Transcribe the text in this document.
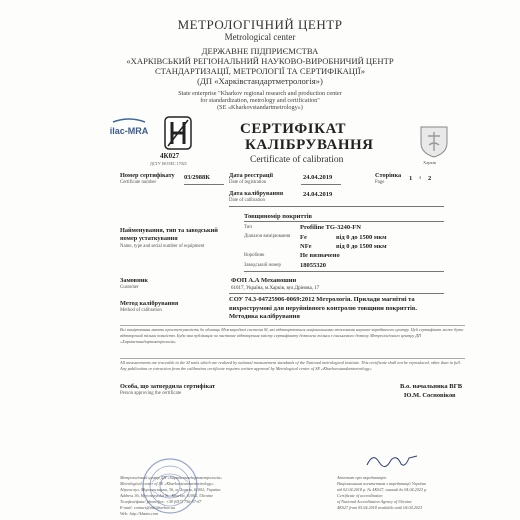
МЕТРОЛОГІЧНИЙ ЦЕНТР
Metrological center
ДЕРЖАВНЕ ПІДПРИЄМСТВА
«ХАРКІВСЬКИЙ РЕГІОНАЛЬНИЙ НАУКОВО-ВИРОБНИЧИЙ ЦЕНТР
СТАНДАРТИЗАЦІЇ, МЕТРОЛОГІЇ ТА СЕРТИФІКАЦІЇ»
(ДП «Харківстандартметрологія»)
State enterprise "Kharkov regional research and production center
for standardization, metrology and certification"
(SE «Kharkovstandartmetrology»)
ilac-MRA
4К027
ДСТУ ISO/IEC 17025
СЕРТИФІКАТ
КАЛІБРУВАННЯ
Certificate of calibration	Харків
Номер сертифікату
Certificate number
03/2988К	Дата реєстрації
Date of registration
24.04.2019	Сторінка
Page
1 з 2
Дата калібрування
Date of calibration
24.04.2019
Найменування, тип та заводський номер устаткування
Name, type and serial number of equipment
Товщиномір покриттів
Тип	Profiline TG-3240-FN
Діапазон вимірювання Fe	від 0 до 1500 мкм
NFe	від 0 до 1500 мкм
Виробник	Не визначено
Заводський номер	18055320
Замовник
Customer
ФОП А.А Механошин
61017, Україна, м.Харків, вул.Дрінова, 17
Метод калібрування
Method of calibration
СОУ 74.3-04725906-0069:2012 Метрологія. Прилади магнітні та вихрострумові для неруйнівного контролю товщини покриттів. Методика калібрування
Всі вимірювання мають простежуваність до одиниць Міжнародної системи SI, які відтворюються національними еталонами науково-виробничого центру. Цей сертифікат може бути відтворений тільки повністю. Будь-яка публікація чи часткове відтворення змісту сертифікату дозволені тільки з письмового дозволу Метрологічного центру ДП «Харківстандартметрологія»
All measurements are traceable to the SI units which are realized by national measurement standards of the National metrological institute. This certificate shall not be reproduced, other than in full. Any publication or extraction from the calibration certificate requires written approval by Metrological center of SE «Kharkovstandartmetrology»
Особа, що затвердила сертифікат
Person approving the certificate
В.о. начальника ВГВ
Ю.М. Сосновіков
Метрологічний центр ДП «Харківстандартметрологія»
Metrological center of SE «Kharkovstandartmetrology»
Адреса вул. Мироносицька, 36, м. Харків, 61002, Україна
Address 36, Myronosytska St., Kharkiv, 61002, Ukraine
Телефон/факс/ phone/fax: +38 (057) 756-57-67
E-mail: contact@mtl.kharkov.ua
Web: http://khsms.com
Атестат про акредитацію
Національним агентством з акредитації України
від 02.04.2018 р. № 4К027, чинний до 04.04.2023 р.
Certificate of accreditation
of National Accreditation Agency of Ukraine
4К027 from 05.04.2018 available until 04.04.2023
